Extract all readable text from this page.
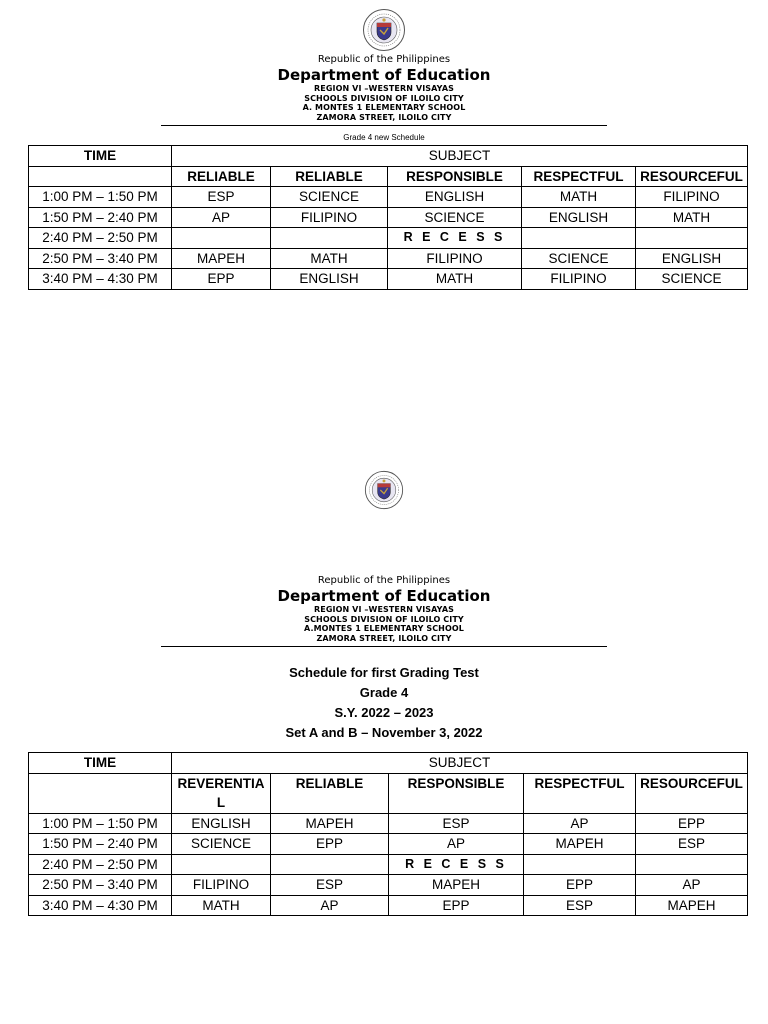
Republic of the Philippines
Department of Education
REGION VI –WESTERN VISAYAS
SCHOOLS DIVISION OF ILOILO CITY
A. MONTES 1 ELEMENTARY SCHOOL
ZAMORA STREET, ILOILO CITY
Grade 4 new Schedule
TIME	SUBJECT				
	RELIABLE	RELIABLE	RESPONSIBLE	RESPECTFUL	RESOURCEFUL
1:00 PM – 1:50 PM	ESP	SCIENCE	ENGLISH	MATH	FILIPINO
1:50 PM – 2:40 PM	AP	FILIPINO	SCIENCE	ENGLISH	MATH
2:40 PM – 2:50 PM			R E C E S S		
2:50 PM – 3:40 PM	MAPEH	MATH	FILIPINO	SCIENCE	ENGLISH
3:40 PM – 4:30 PM	EPP	ENGLISH	MATH	FILIPINO	SCIENCE
Republic of the Philippines
Department of Education
REGION VI –WESTERN VISAYAS
SCHOOLS DIVISION OF ILOILO CITY
A.MONTES 1 ELEMENTARY SCHOOL
ZAMORA STREET, ILOILO CITY
Schedule for first Grading Test
Grade 4
S.Y. 2022 – 2023
Set A and B – November 3, 2022
TIME	SUBJECT				
	REVERENTIAL	RELIABLE	RESPONSIBLE	RESPECTFUL	RESOURCEFUL
1:00 PM – 1:50 PM	ENGLISH	MAPEH	ESP	AP	EPP
1:50 PM – 2:40 PM	SCIENCE	EPP	AP	MAPEH	ESP
2:40 PM – 2:50 PM			R E C E S S		
2:50 PM – 3:40 PM	FILIPINO	ESP	MAPEH	EPP	AP
3:40 PM – 4:30 PM	MATH	AP	EPP	ESP	MAPEH
